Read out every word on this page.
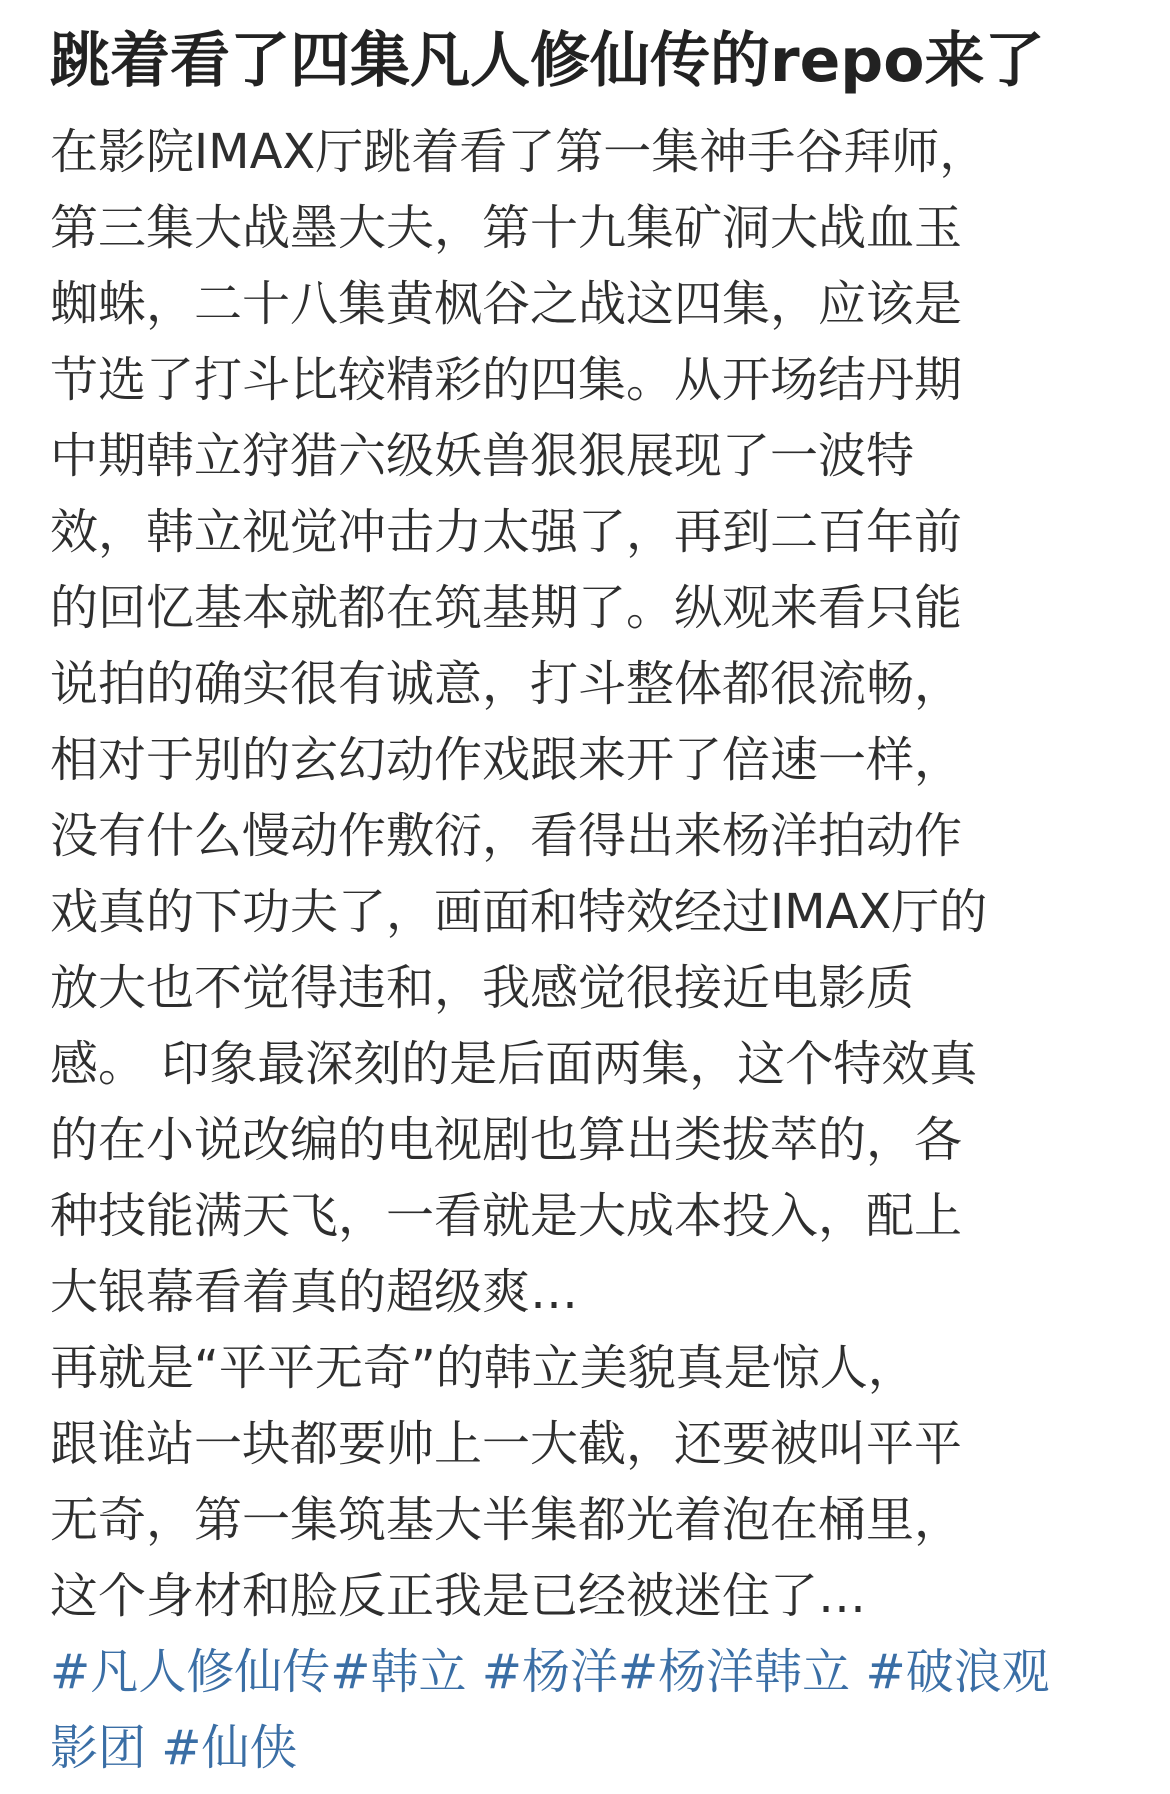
跳着看了四集凡人修仙传的repo来了
在影院IMAX厅跳着看了第一集神手谷拜师，
第三集大战墨大夫，第十九集矿洞大战血玉
蜘蛛，二十八集黄枫谷之战这四集，应该是
节选了打斗比较精彩的四集。从开场结丹期
中期韩立狩猎六级妖兽狠狠展现了一波特
效，韩立视觉冲击力太强了，再到二百年前
的回忆基本就都在筑基期了。纵观来看只能
说拍的确实很有诚意，打斗整体都很流畅，
相对于别的玄幻动作戏跟来开了倍速一样，
没有什么慢动作敷衍，看得出来杨洋拍动作
戏真的下功夫了，画面和特效经过IMAX厅的
放大也不觉得违和，我感觉很接近电影质
感。 印象最深刻的是后面两集，这个特效真
的在小说改编的电视剧也算出类拔萃的，各
种技能满天飞，一看就是大成本投入，配上
大银幕看着真的超级爽…
再就是“平平无奇”的韩立美貌真是惊人，
跟谁站一块都要帅上一大截，还要被叫平平
无奇，第一集筑基大半集都光着泡在桶里，
这个身材和脸反正我是已经被迷住了…
#凡人修仙传#韩立 #杨洋#杨洋韩立 #破浪观
影团 #仙侠
